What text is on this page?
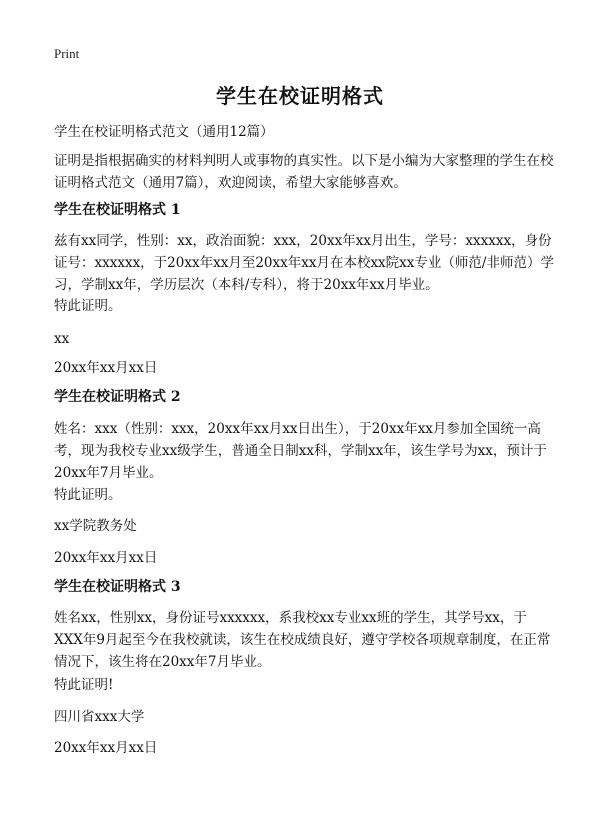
Print
学生在校证明格式
学生在校证明格式范文（通用12篇）
证明是指根据确实的材料判明人或事物的真实性。以下是小编为大家整理的学生在校证明格式范文（通用7篇），欢迎阅读，希望大家能够喜欢。
学生在校证明格式 1
兹有xx同学，性别：xx，政治面貌：xxx，20xx年xx月出生，学号：xxxxxx，身份证号：xxxxxx，于20xx年xx月至20xx年xx月在本校xx院xx专业（师范/非师范）学习，学制xx年，学历层次（本科/专科），将于20xx年xx月毕业。
特此证明。
xx
20xx年xx月xx日
学生在校证明格式 2
姓名：xxx（性别：xxx，20xx年xx月xx日出生），于20xx年xx月参加全国统一高考，现为我校专业xx级学生，普通全日制xx科，学制xx年，该生学号为xx，预计于20xx年7月毕业。
特此证明。
xx学院教务处
20xx年xx月xx日
学生在校证明格式 3
姓名xx，性别xx，身份证号xxxxxx，系我校xx专业xx班的学生，其学号xx，于XXX年9月起至今在我校就读，该生在校成绩良好，遵守学校各项规章制度，在正常情况下，该生将在20xx年7月毕业。
特此证明!
四川省xxx大学
20xx年xx月xx日
